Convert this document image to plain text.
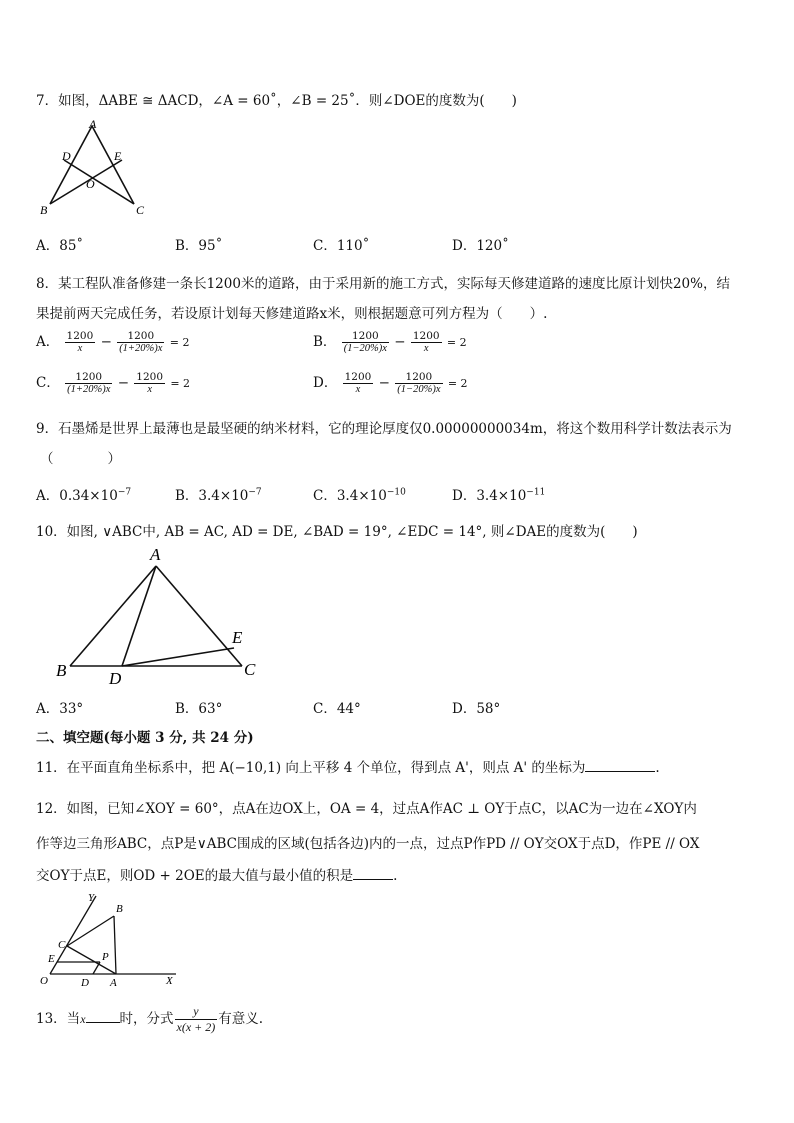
7．如图，ΔABE ≅ ΔACD，∠A = 60˚，∠B = 25˚．则∠DOE的度数为(　　)
A
D	E
O
B	C
A．85˚	B．95˚	C．110˚	D．120˚
8．某工程队准备修建一条长1200米的道路，由于采用新的施工方式，实际每天修建道路的速度比原计划快20%，结
果提前两天完成任务，若设原计划每天修建道路x米，则根据题意可列方程为（　　）.
A． $\frac{1200}{x} - \frac{1200}{(1+20\%)x} = 2$	B． $\frac{1200}{(1-20\%)x} - \frac{1200}{x} = 2$
C． $\frac{1200}{(1+20\%)x} - \frac{1200}{x} = 2$	D． $\frac{1200}{x} - \frac{1200}{(1-20\%)x} = 2$
9．石墨烯是世界上最薄也是最坚硬的纳米材料，它的理论厚度仅0.00000000034m，将这个数用科学计数法表示为
（　　　　）
A．$0.34\times 10^{-7}$	B．$3.4\times 10^{-7}$	C．$3.4\times 10^{-10}$	D．$3.4\times 10^{-11}$
10．如图, ∨ABC中, AB = AC, AD = DE, ∠BAD = 19°, ∠EDC = 14°, 则∠DAE的度数为(　　)
A
B	D
E
C
A．33°	B．63°	C．44°	D．58°
二、填空题(每小题 3 分, 共 24 分)
11．在平面直角坐标系中，把 A(−10,1) 向上平移 4 个单位，得到点 A'，则点 A' 的坐标为	.
12．如图，已知∠XOY = 60°，点A在边OX上，OA = 4，过点A作AC ⊥ OY于点C，以AC为一边在∠XOY内
作等边三角形ABC，点P是∨ABC围成的区域(包括各边)内的一点，过点P作PD // OY交OX于点D，作PE // OX
交OY于点E，则OD + 2OE的最大值与最小值的积是	.
Y
B
C
E	P
O	D A	X
13．当x	时，分式 $\frac{y}{x(x + 2)}$ 有意义.
